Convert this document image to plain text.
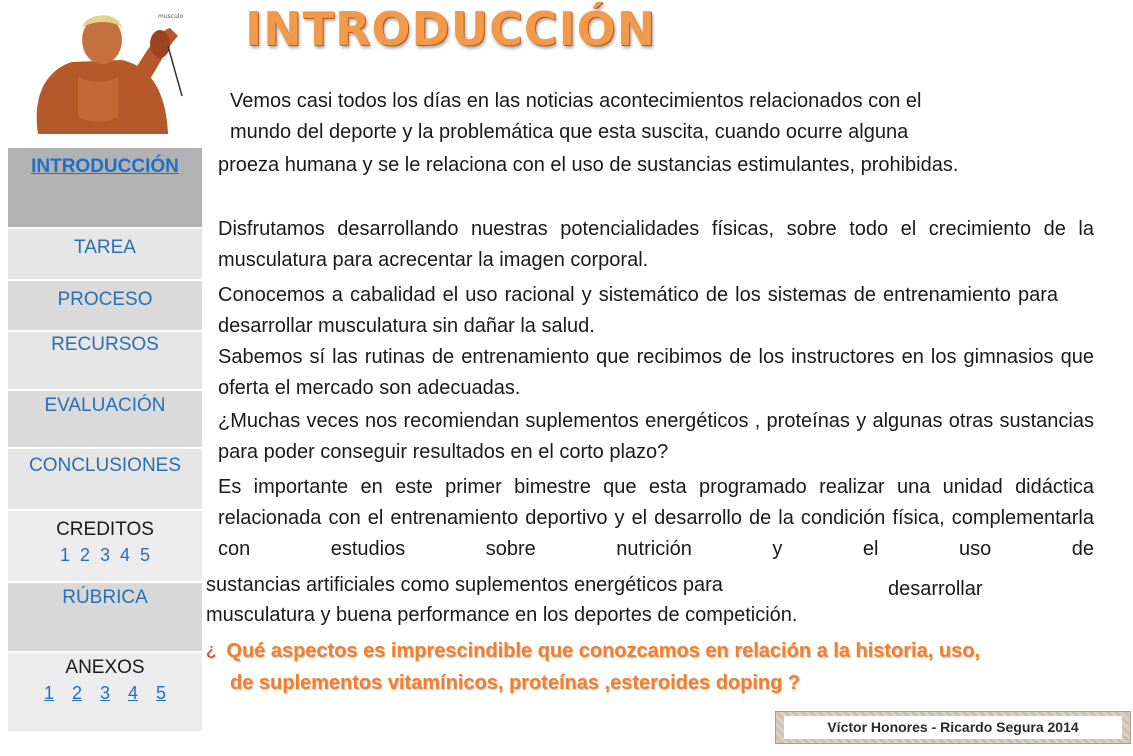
musculo INTRODUCCIÓN
INTRODUCCIÓN
TAREA
PROCESO
RECURSOS
EVALUACIÓN
CONCLUSIONES
CREDITOS
1 2 3 4 5
RÚBRICA
ANEXOS
1 2 3 4 5

Vemos casi todos los días en las noticias acontecimientos relacionados con el

mundo del deporte y la problemática que esta suscita, cuando ocurre alguna

proeza humana y se le relaciona con el uso de sustancias estimulantes, prohibidas.

Disfrutamos desarrollando nuestras potencialidades físicas, sobre todo el crecimiento de la musculatura para acrecentar la imagen corporal.

Conocemos a cabalidad el uso racional y sistemático de los sistemas de entrenamiento para desarrollar musculatura sin dañar la salud.

Sabemos sí las rutinas de entrenamiento que recibimos de los instructores en los gimnasios que oferta el mercado son adecuadas.

¿Muchas veces nos recomiendan suplementos energéticos , proteínas y algunas otras sustancias para poder conseguir resultados en el corto plazo?

Es importante en este primer bimestre que esta programado realizar una unidad didáctica relacionada con el entrenamiento deportivo y el desarrollo de la condición física, complementarla con estudios sobre nutrición y el uso de

sustancias artificiales como suplementos energéticos para	desarrollar

musculatura y buena performance en los deportes de competición.

¿ Qué aspectos es imprescindible que conozcamos en relación a la historia, uso,
de suplementos vitamínicos, proteínas ,esteroides doping ?

Víctor Honores - Ricardo Segura 2014
